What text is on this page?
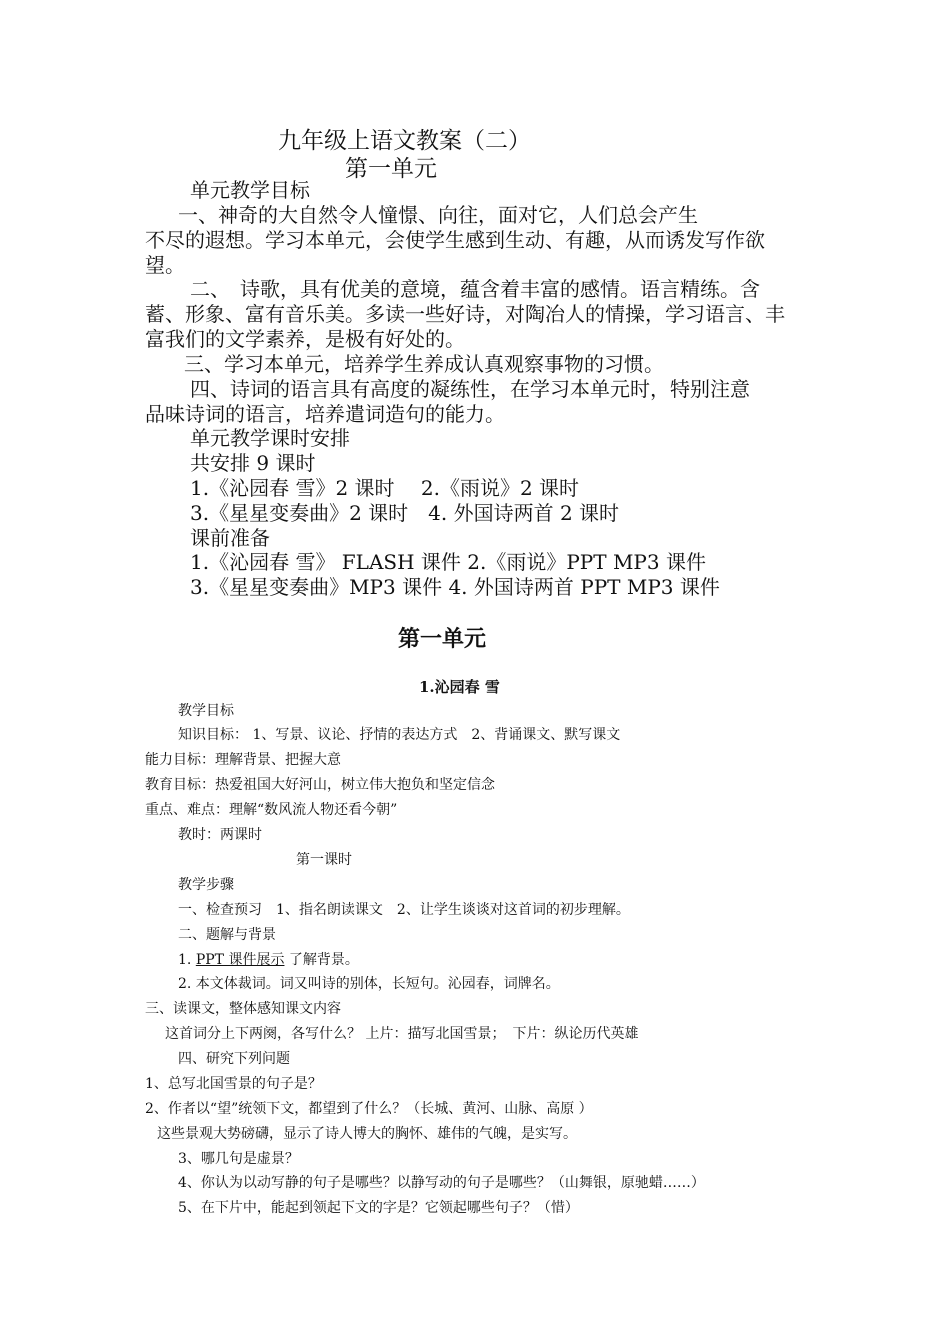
九年级上语文教案（二）
第一单元
单元教学目标
一、神奇的大自然令人憧憬、向往，面对它，人们总会产生
不尽的遐想。学习本单元，会使学生感到生动、有趣，从而诱发写作欲
望。
二、　诗歌，具有优美的意境，蕴含着丰富的感情。语言精练。含
蓄、形象、富有音乐美。多读一些好诗，对陶冶人的情操，学习语言、丰
富我们的文学素养，是极有好处的。
三、学习本单元，培养学生养成认真观察事物的习惯。
四、诗词的语言具有高度的凝练性，在学习本单元时，特别注意
品味诗词的语言，培养遣词造句的能力。
单元教学课时安排
共安排 9 课时
1.《沁园春 雪》2 课时　 2.《雨说》2 课时
3.《星星变奏曲》2 课时　4. 外国诗两首 2 课时
课前准备
1.《沁园春 雪》 FLASH 课件 2.《雨说》PPT MP3 课件
3.《星星变奏曲》MP3 课件 4. 外国诗两首 PPT MP3 课件
第一单元
1.沁园春 雪
教学目标
知识目标： 1、写景、议论、抒情的表达方式　2、背诵课文、默写课文
能力目标：理解背景、把握大意
教育目标：热爱祖国大好河山，树立伟大抱负和坚定信念
重点、难点：理解“数风流人物还看今朝”
教时：两课时
第一课时
教学步骤
一、检查预习　1、指名朗读课文　2、让学生谈谈对这首词的初步理解。
二、题解与背景
1. PPT 课件展示 了解背景。
2. 本文体裁词。词又叫诗的别体，长短句。沁园春，词牌名。
三、读课文，整体感知课文内容
这首词分上下两阕，各写什么？ 上片：描写北国雪景；　下片：纵论历代英雄
四、研究下列问题
1、总写北国雪景的句子是？
2、作者以“望”统领下文，都望到了什么？（长城、黄河、山脉、高原 ）
这些景观大势磅礴，显示了诗人博大的胸怀、雄伟的气魄，是实写。
3、哪几句是虚景？
4、你认为以动写静的句子是哪些？以静写动的句子是哪些？（山舞银，原驰蜡……）
5、在下片中，能起到领起下文的字是？它领起哪些句子？（惜）
